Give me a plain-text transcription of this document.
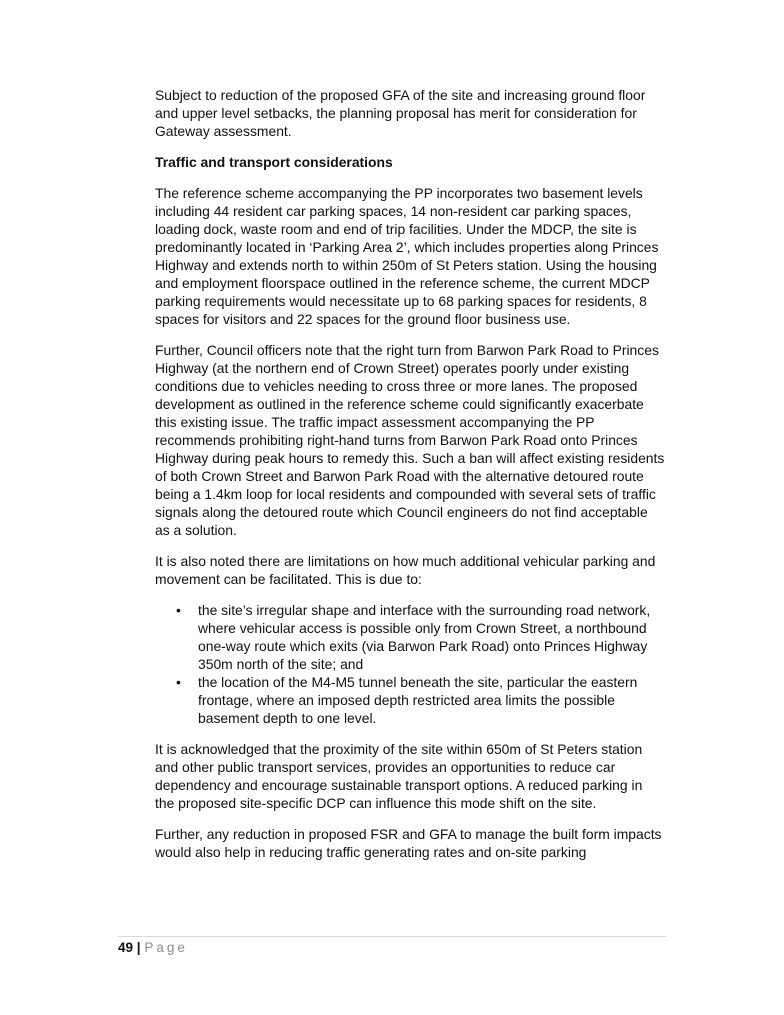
Subject to reduction of the proposed GFA of the site and increasing ground floor and upper level setbacks, the planning proposal has merit for consideration for Gateway assessment.

Traffic and transport considerations

The reference scheme accompanying the PP incorporates two basement levels including 44 resident car parking spaces, 14 non-resident car parking spaces, loading dock, waste room and end of trip facilities. Under the MDCP, the site is predominantly located in ‘Parking Area 2’, which includes properties along Princes Highway and extends north to within 250m of St Peters station. Using the housing and employment floorspace outlined in the reference scheme, the current MDCP parking requirements would necessitate up to 68 parking spaces for residents, 8 spaces for visitors and 22 spaces for the ground floor business use.

Further, Council officers note that the right turn from Barwon Park Road to Princes Highway (at the northern end of Crown Street) operates poorly under existing conditions due to vehicles needing to cross three or more lanes. The proposed development as outlined in the reference scheme could significantly exacerbate this existing issue. The traffic impact assessment accompanying the PP recommends prohibiting right-hand turns from Barwon Park Road onto Princes Highway during peak hours to remedy this. Such a ban will affect existing residents of both Crown Street and Barwon Park Road with the alternative detoured route being a 1.4km loop for local residents and compounded with several sets of traffic signals along the detoured route which Council engineers do not find acceptable as a solution.

It is also noted there are limitations on how much additional vehicular parking and movement can be facilitated. This is due to:

• the site’s irregular shape and interface with the surrounding road network, where vehicular access is possible only from Crown Street, a northbound one-way route which exits (via Barwon Park Road) onto Princes Highway 350m north of the site; and
• the location of the M4-M5 tunnel beneath the site, particular the eastern frontage, where an imposed depth restricted area limits the possible basement depth to one level.

It is acknowledged that the proximity of the site within 650m of St Peters station and other public transport services, provides an opportunities to reduce car dependency and encourage sustainable transport options. A reduced parking in the proposed site-specific DCP can influence this mode shift on the site.

Further, any reduction in proposed FSR and GFA to manage the built form impacts would also help in reducing traffic generating rates and on-site parking

49 | Page
